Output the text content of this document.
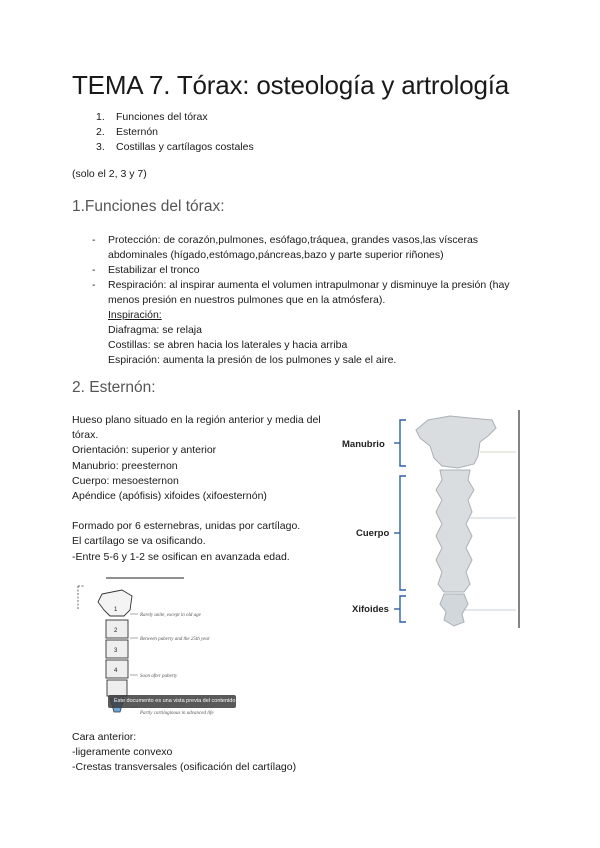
TEMA 7. Tórax: osteología y artrología
1. Funciones del tórax
2. Esternón
3. Costillas y cartílagos costales

(solo el 2, 3 y 7)

1.Funciones del tórax:
- Protección: de corazón,pulmones, esófago,tráquea, grandes vasos,las vísceras abdominales (hígado,estómago,páncreas,bazo y parte superior riñones)
- Estabilizar el tronco
- Respiración: al inspirar aumenta el volumen intrapulmonar y disminuye la presión (hay menos presión en nuestros pulmones que en la atmósfera).
Inspiración:
Diafragma: se relaja
Costillas: se abren hacia los laterales y hacia arriba
Espiración: aumenta la presión de los pulmones y sale el aire.
2. Esternón:
Hueso plano situado en la región anterior y media del tórax.
Orientación: superior y anterior
Manubrio: preesternon
Cuerpo: mesoesternon
Apéndice (apófisis) xifoides (xifoesternón)
Formado por 6 esternebras, unidas por cartílago.
El cartílago se va osificando.
-Entre 5-6 y 1-2 se osifican en avanzada edad.
Manubrio
Cuerpo
Xifoides
1
2
3
4
Rarely unite, except in old age
Between puberty and the 25th year
Soon after puberty
Partly cartilaginous in advanced life
Este documento es una vista previa del contenido
Cara anterior:
-ligeramente convexo
-Crestas transversales (osificación del cartílago)
